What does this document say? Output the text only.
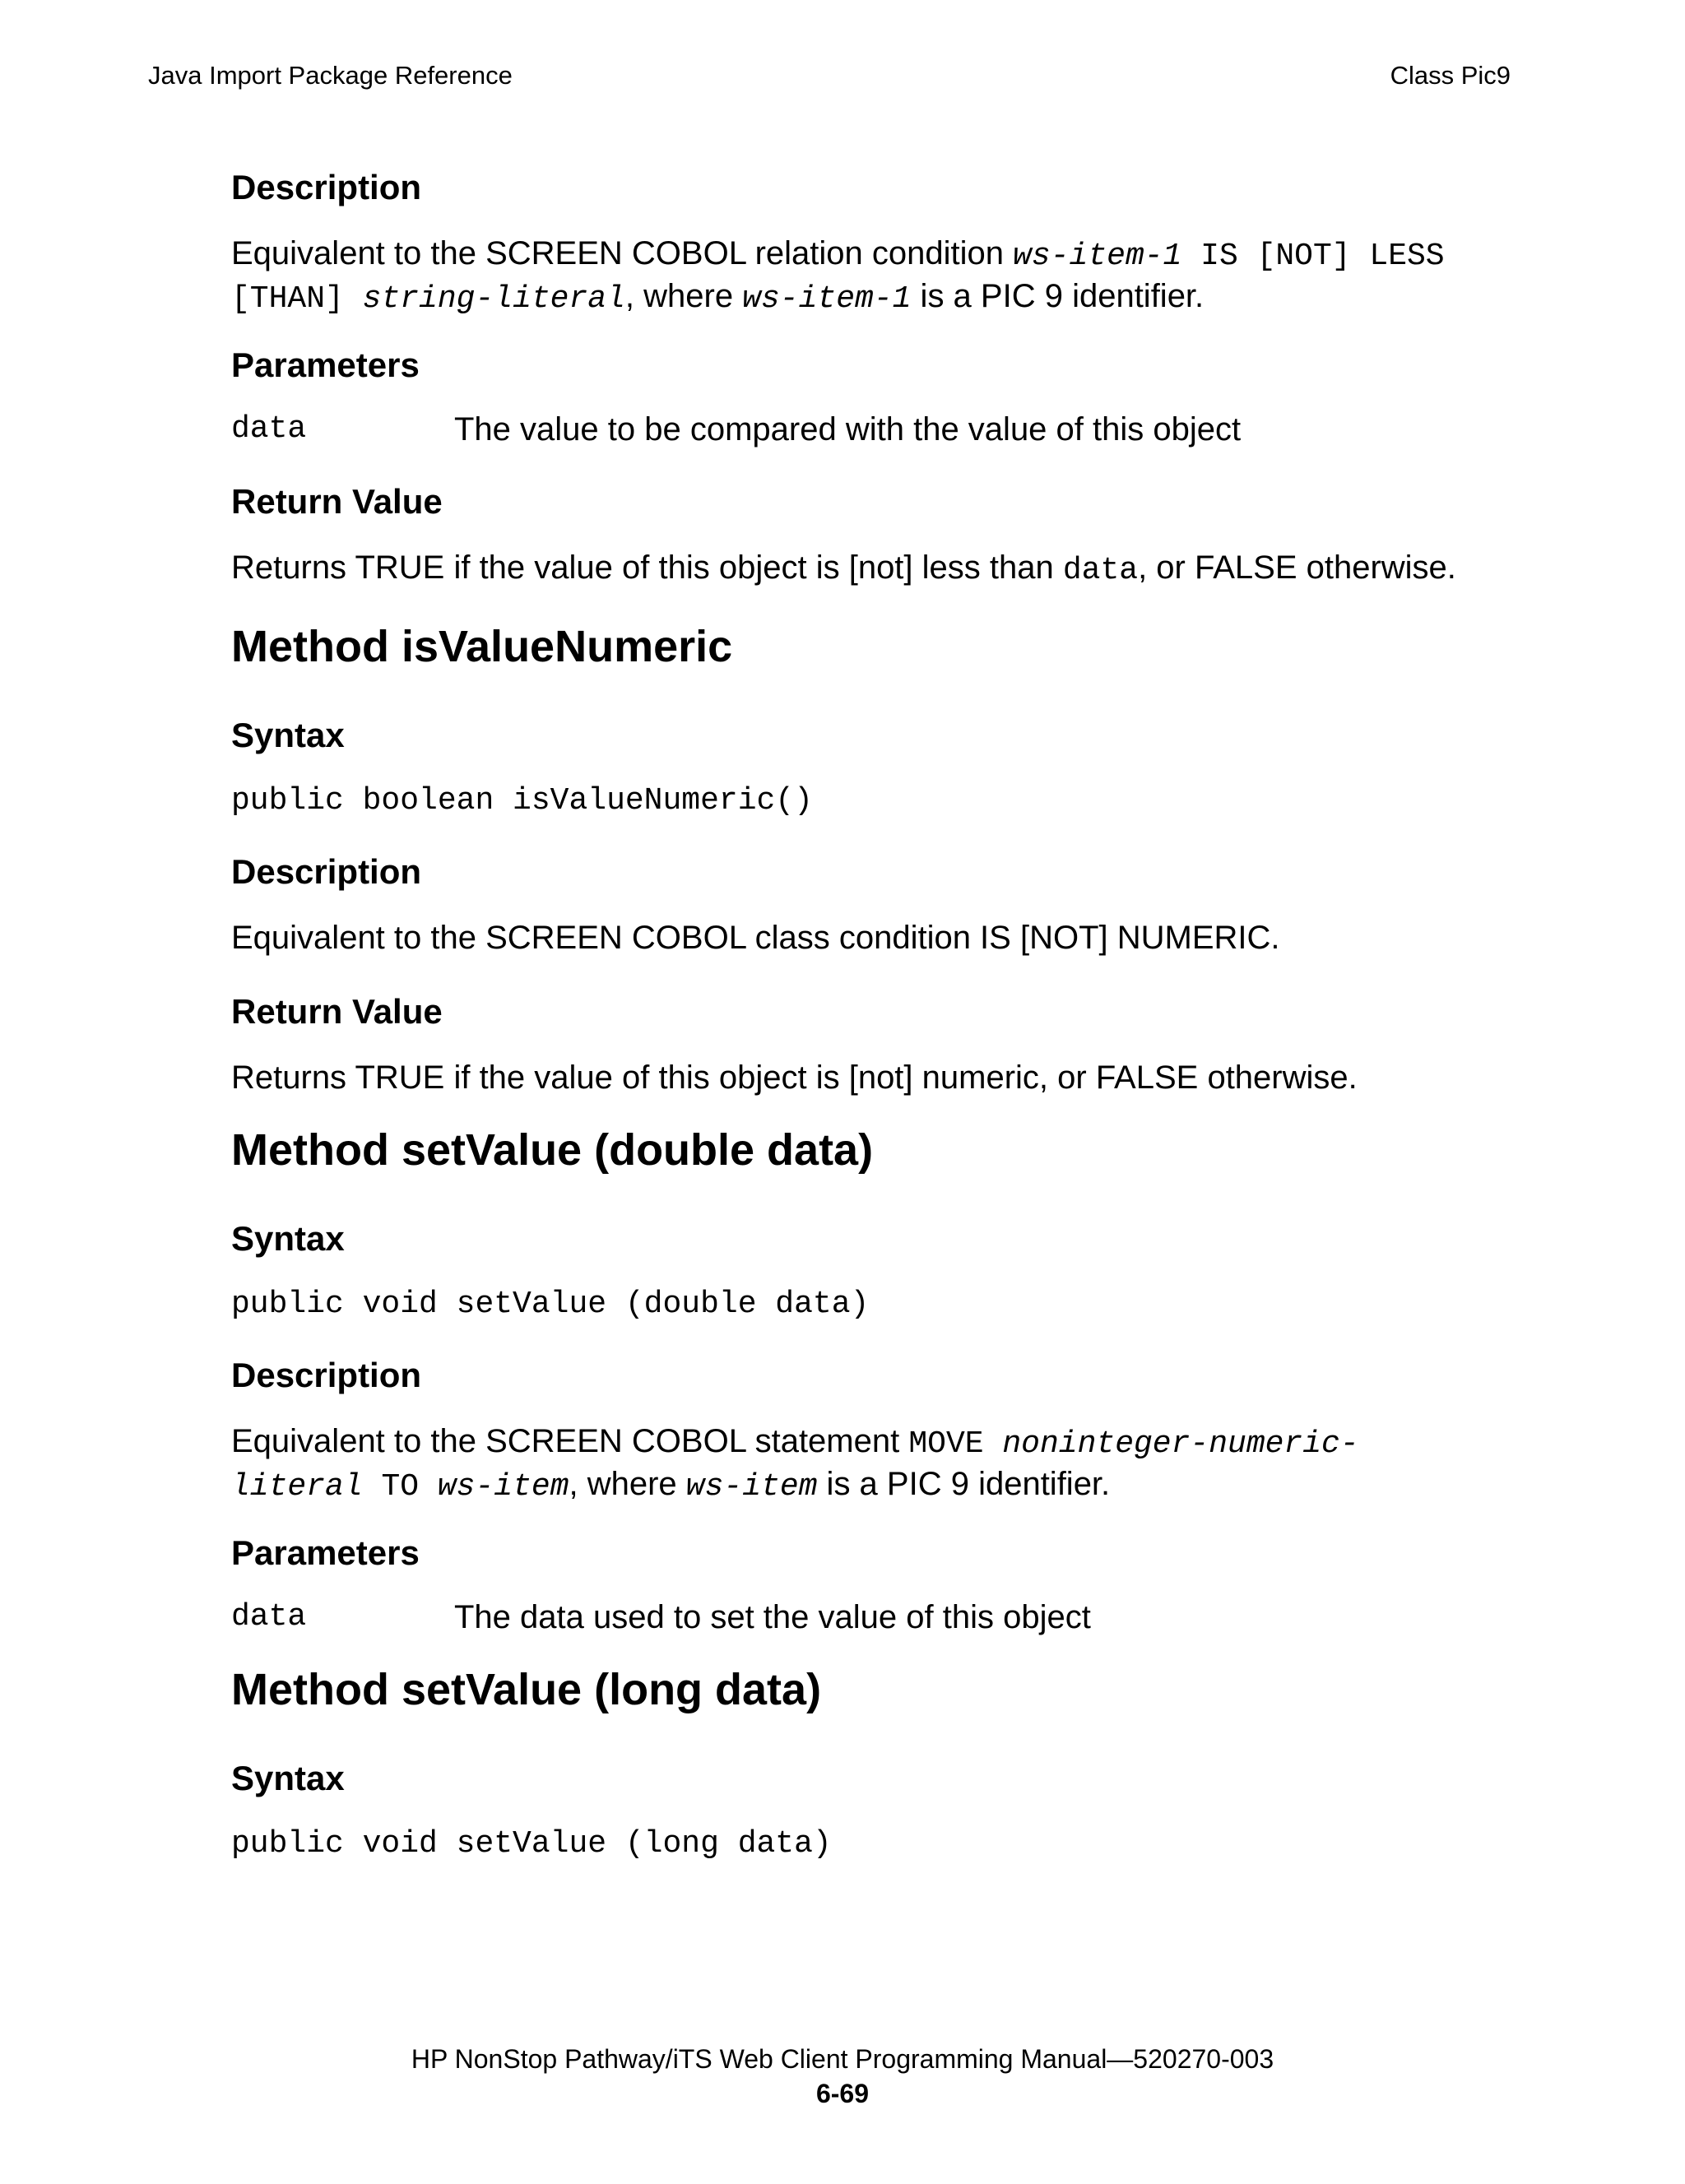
Java Import Package Reference	Class Pic9
Description
Equivalent to the SCREEN COBOL relation condition ws-item-1 IS [NOT] LESS
[THAN] string-literal, where ws-item-1 is a PIC 9 identifier.
Parameters
data	The value to be compared with the value of this object
Return Value
Returns TRUE if the value of this object is [not] less than data, or FALSE otherwise.
Method isValueNumeric
Syntax
public boolean isValueNumeric()
Description
Equivalent to the SCREEN COBOL class condition IS [NOT] NUMERIC.
Return Value
Returns TRUE if the value of this object is [not] numeric, or FALSE otherwise.
Method setValue (double data)
Syntax
public void setValue (double data)
Description
Equivalent to the SCREEN COBOL statement MOVE noninteger-numeric-
literal TO ws-item, where ws-item is a PIC 9 identifier.
Parameters
data	The data used to set the value of this object
Method setValue (long data)
Syntax
public void setValue (long data)
HP NonStop Pathway/iTS Web Client Programming Manual—520270-003
6-69
